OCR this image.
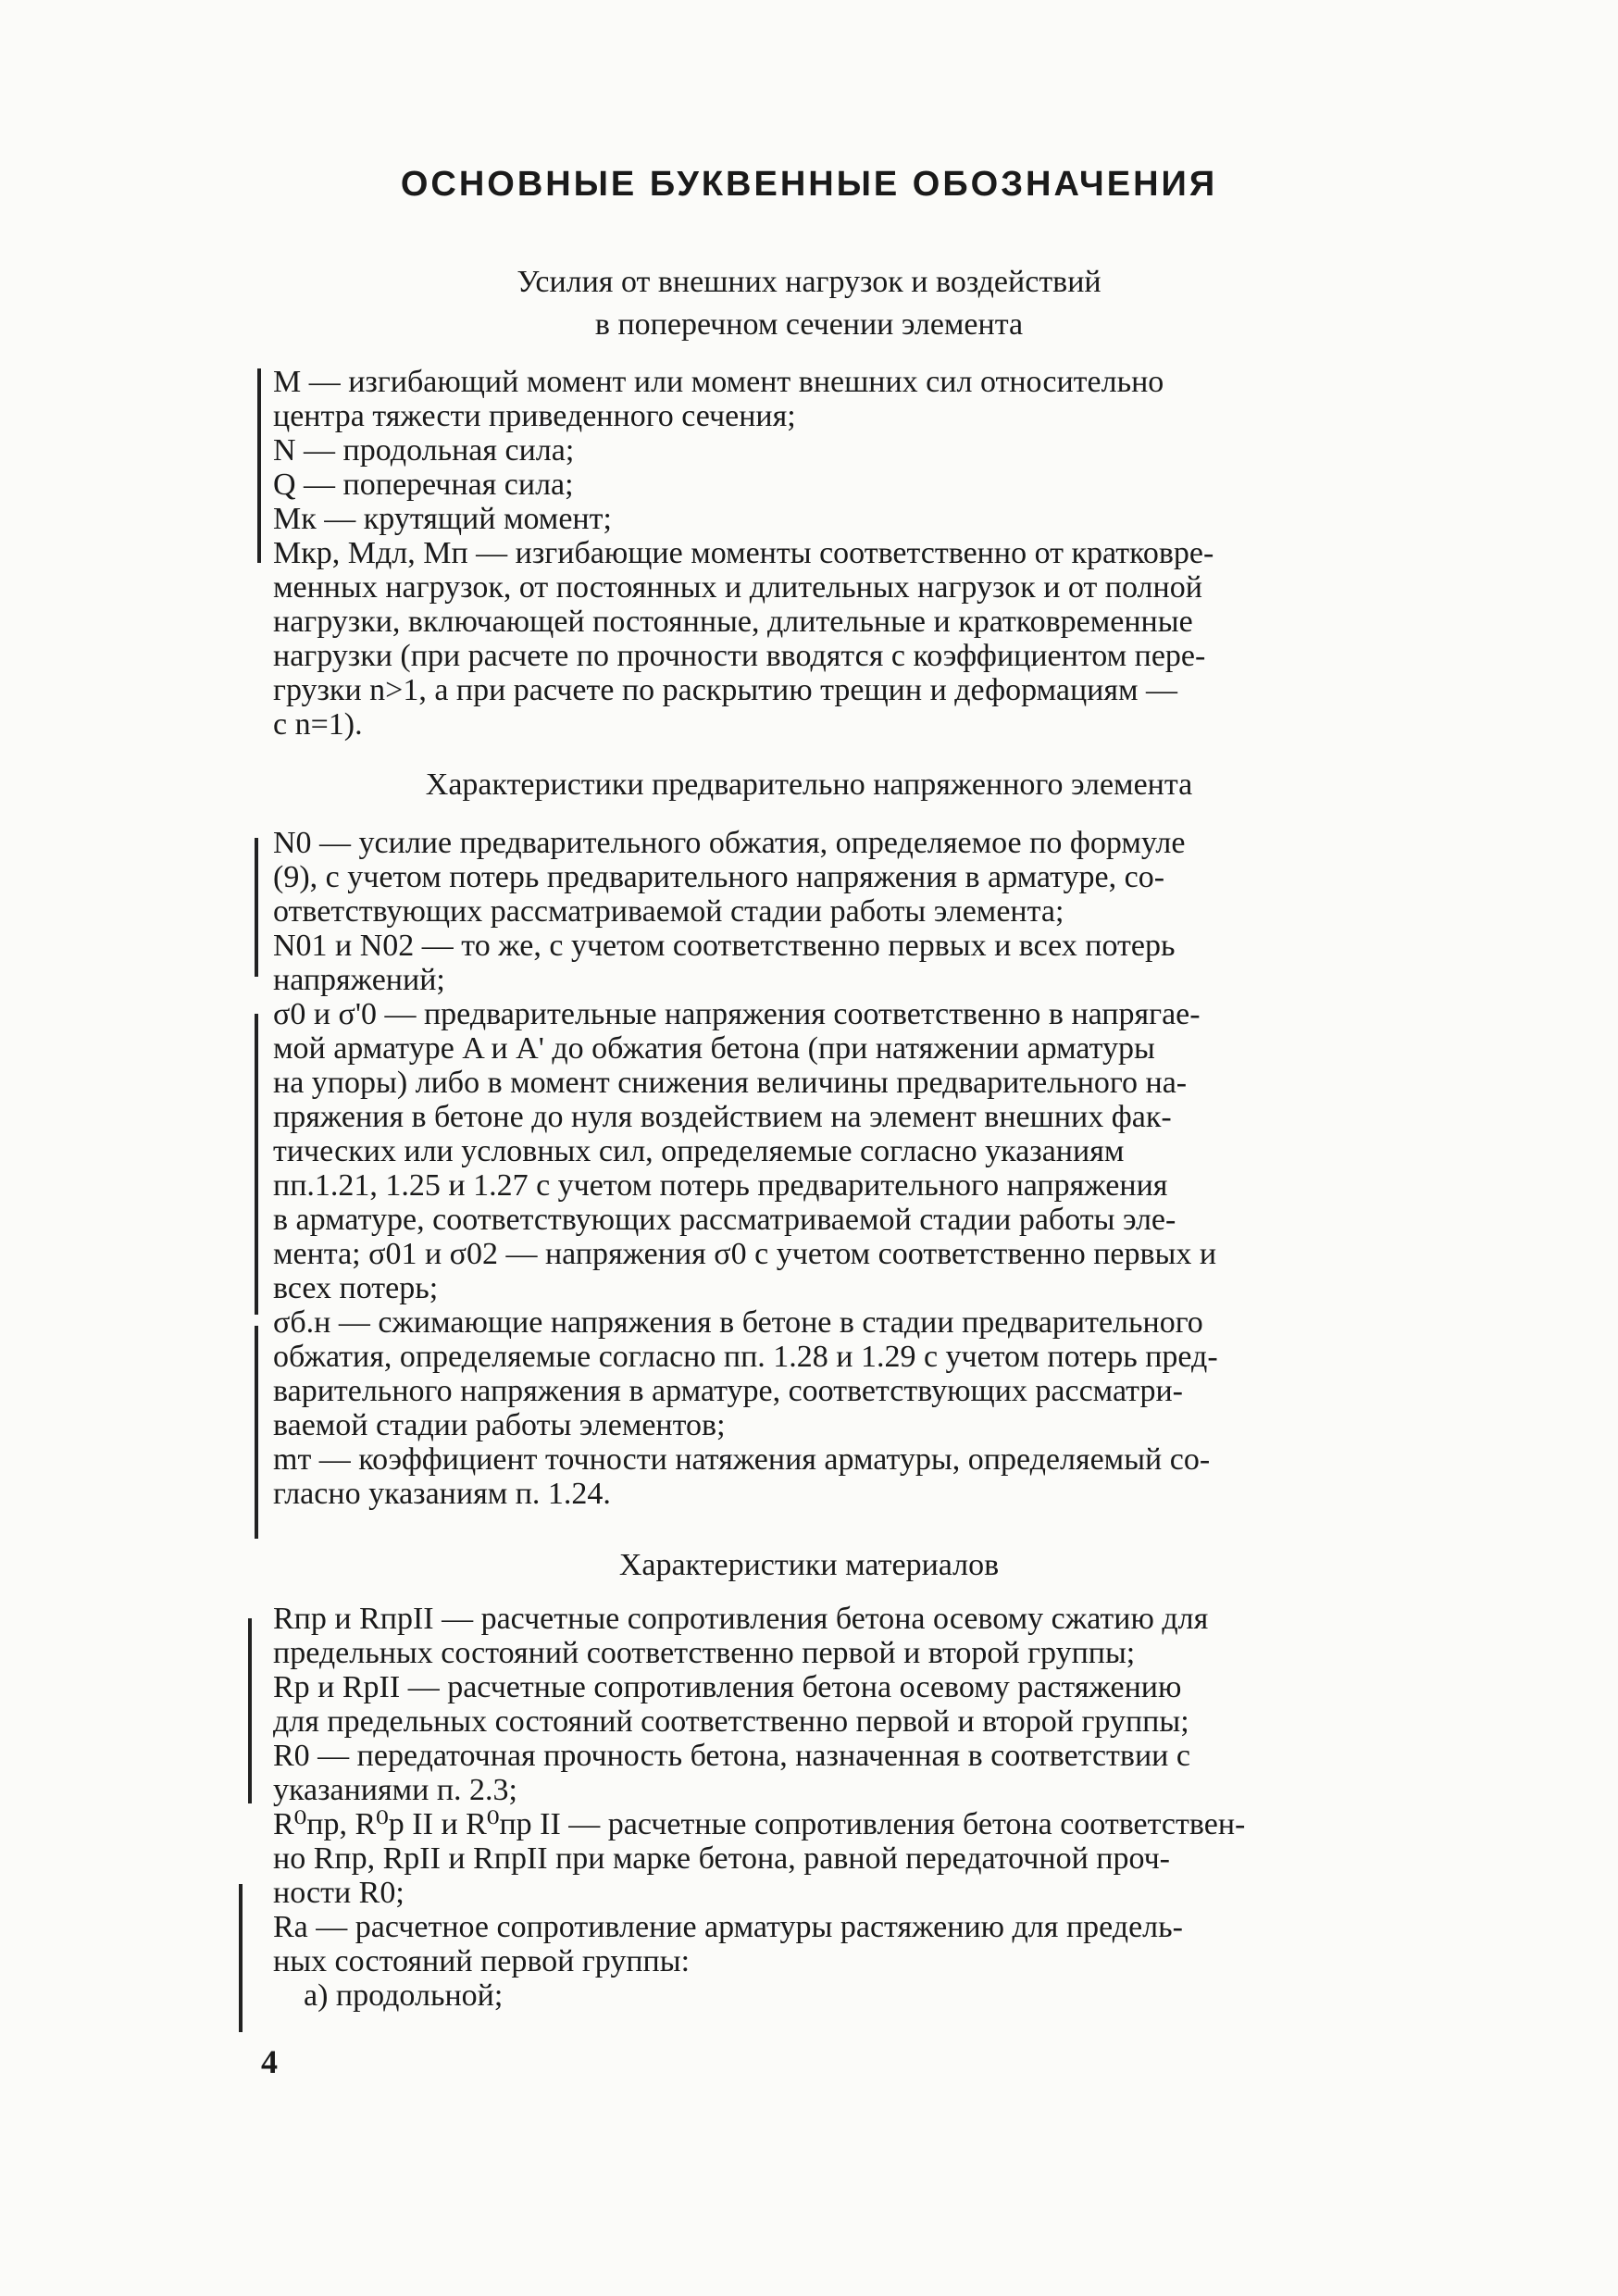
ОСНОВНЫЕ БУКВЕННЫЕ ОБОЗНАЧЕНИЯ
Усилия от внешних нагрузок и воздействий
в поперечном сечении элемента
M — изгибающий момент или момент внешних сил относительно
центра тяжести приведенного сечения;
N — продольная сила;
Q — поперечная сила;
Mк — крутящий момент;
Mкр, Mдл, Mп — изгибающие моменты соответственно от кратковре-
менных нагрузок, от постоянных и длительных нагрузок и от полной
нагрузки, включающей постоянные, длительные и кратковременные
нагрузки (при расчете по прочности вводятся с коэффициентом пере-
грузки n>1, а при расчете по раскрытию трещин и деформациям —
с n=1).
Характеристики предварительно напряженного элемента
N0 — усилие предварительного обжатия, определяемое по формуле
(9), с учетом потерь предварительного напряжения в арматуре, со-
ответствующих рассматриваемой стадии работы элемента;
N01 и N02 — то же, с учетом соответственно первых и всех потерь
напряжений;
σ0 и σ'0 — предварительные напряжения соответственно в напрягае-
мой арматуре A и A' до обжатия бетона (при натяжении арматуры
на упоры) либо в момент снижения величины предварительного на-
пряжения в бетоне до нуля воздействием на элемент внешних фак-
тических или условных сил, определяемые согласно указаниям
пп.1.21, 1.25 и 1.27 с учетом потерь предварительного напряжения
в арматуре, соответствующих рассматриваемой стадии работы эле-
мента; σ01 и σ02 — напряжения σ0 с учетом соответственно первых и
всех потерь;
σб.н — сжимающие напряжения в бетоне в стадии предварительного
обжатия, определяемые согласно пп. 1.28 и 1.29 с учетом потерь пред-
варительного напряжения в арматуре, соответствующих рассматри-
ваемой стадии работы элементов;
mт — коэффициент точности натяжения арматуры, определяемый со-
гласно указаниям п. 1.24.
Характеристики материалов
Rпр и RпрII — расчетные сопротивления бетона осевому сжатию для
предельных состояний соответственно первой и второй группы;
Rр и RрII — расчетные сопротивления бетона осевому растяжению
для предельных состояний соответственно первой и второй группы;
R0 — передаточная прочность бетона, назначенная в соответствии с
указаниями п. 2.3;
R⁰пр, R⁰р II и R⁰пр II — расчетные сопротивления бетона соответствен-
но Rпр, RрII и RпрII при марке бетона, равной передаточной проч-
ности R0;
Rа — расчетное сопротивление арматуры растяжению для предель-
ных состояний первой группы:
а) продольной;
4
